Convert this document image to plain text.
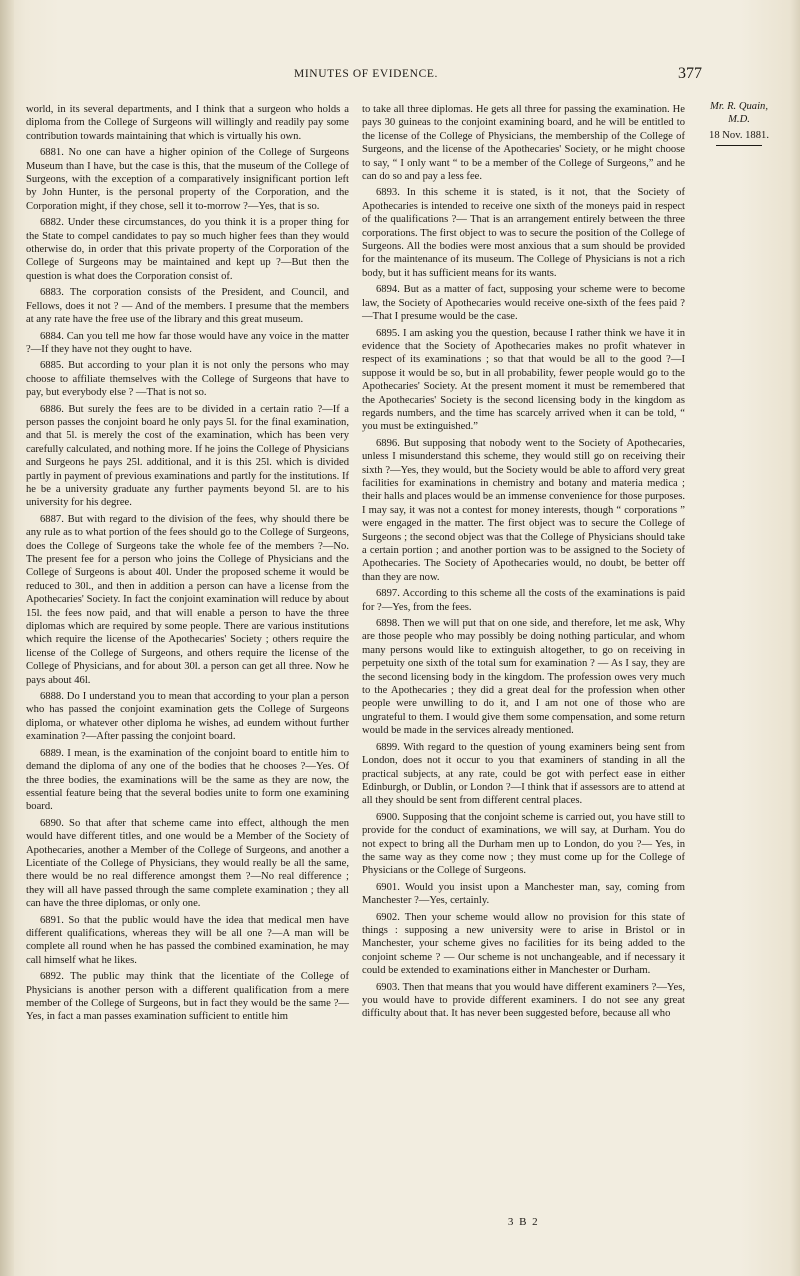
MINUTES OF EVIDENCE.	377

world, in its several departments, and I think that a surgeon who holds a diploma from the College of Surgeons will willingly and readily pay some contribution towards maintaining that which is virtually his own.

6881. No one can have a higher opinion of the College of Surgeons Museum than I have, but the case is this, that the museum of the College of Surgeons, with the exception of a comparatively insignificant portion left by John Hunter, is the personal property of the Corporation, and the Corporation might, if they chose, sell it to-morrow ?—Yes, that is so.

6882. Under these circumstances, do you think it is a proper thing for the State to compel candidates to pay so much higher fees than they would otherwise do, in order that this private property of the Corporation of the College of Surgeons may be maintained and kept up ?—But then the question is what does the Corporation consist of.

6883. The corporation consists of the President, and Council, and Fellows, does it not ? — And of the members. I presume that the members at any rate have the free use of the library and this great museum.

6884. Can you tell me how far those would have any voice in the matter ?—If they have not they ought to have.

6885. But according to your plan it is not only the persons who may choose to affiliate themselves with the College of Surgeons that have to pay, but everybody else ? —That is not so.

6886. But surely the fees are to be divided in a certain ratio ?—If a person passes the conjoint board he only pays 5l. for the final examination, and that 5l. is merely the cost of the examination, which has been very carefully calculated, and nothing more. If he joins the College of Physicians and Surgeons he pays 25l. additional, and it is this 25l. which is divided partly in payment of previous examinations and partly for the institutions. If he be a university graduate any further payments beyond 5l. are to his university for his degree.

6887. But with regard to the division of the fees, why should there be any rule as to what portion of the fees should go to the College of Surgeons, does the College of Surgeons take the whole fee of the members ?—No. The present fee for a person who joins the College of Physicians and the College of Surgeons is about 40l. Under the proposed scheme it would be reduced to 30l., and then in addition a person can have a license from the Apothecaries' Society. In fact the conjoint examination will reduce by about 15l. the fees now paid, and that will enable a person to have the three diplomas which are required by some people. There are various institutions which require the license of the Apothecaries' Society ; others require the license of the College of Surgeons, and others require the license of the College of Physicians, and for about 30l. a person can get all three. Now he pays about 46l.

6888. Do I understand you to mean that according to your plan a person who has passed the conjoint examination gets the College of Surgeons diploma, or whatever other diploma he wishes, ad eundem without further examination ?—After passing the conjoint board.

6889. I mean, is the examination of the conjoint board to entitle him to demand the diploma of any one of the bodies that he chooses ?—Yes. Of the three bodies, the examinations will be the same as they are now, the essential feature being that the several bodies unite to form one examining board.

6890. So that after that scheme came into effect, although the men would have different titles, and one would be a Member of the Society of Apothecaries, another a Member of the College of Surgeons, and another a Licentiate of the College of Physicians, they would really be all the same, there would be no real difference amongst them ?—No real difference ; they will all have passed through the same complete examination ; they all can have the three diplomas, or only one.

6891. So that the public would have the idea that medical men have different qualifications, whereas they will be all one ?—A man will be complete all round when he has passed the combined examination, he may call himself what he likes.

6892. The public may think that the licentiate of the College of Physicians is another person with a different qualification from a mere member of the College of Surgeons, but in fact they would be the same ?—Yes, in fact a man passes examination sufficient to entitle him

to take all three diplomas. He gets all three for passing the examination. He pays 30 guineas to the conjoint examining board, and he will be entitled to the license of the College of Physicians, the membership of the College of Surgeons, and the license of the Apothecaries' Society, or he might choose to say, “ I only want “ to be a member of the College of Surgeons,” and he can do so and pay a less fee.

6893. In this scheme it is stated, is it not, that the Society of Apothecaries is intended to receive one sixth of the moneys paid in respect of the qualifications ?— That is an arrangement entirely between the three corporations. The first object to was to secure the position of the College of Surgeons. All the bodies were most anxious that a sum should be provided for the maintenance of its museum. The College of Physicians is not a rich body, but it has sufficient means for its wants.

6894. But as a matter of fact, supposing your scheme were to become law, the Society of Apothecaries would receive one-sixth of the fees paid ?—That I presume would be the case.

6895. I am asking you the question, because I rather think we have it in evidence that the Society of Apothecaries makes no profit whatever in respect of its examinations ; so that that would be all to the good ?—I suppose it would be so, but in all probability, fewer people would go to the Apothecaries' Society. At the present moment it must be remembered that the Apothecaries' Society is the second licensing body in the kingdom as regards numbers, and the time has scarcely arrived when it can be told, “ you must be extinguished.”

6896. But supposing that nobody went to the Society of Apothecaries, unless I misunderstand this scheme, they would still go on receiving their sixth ?—Yes, they would, but the Society would be able to afford very great facilities for examinations in chemistry and botany and materia medica ; their halls and places would be an immense convenience for those purposes. I may say, it was not a contest for money interests, though “ corporations ” were engaged in the matter. The first object was to secure the College of Surgeons ; the second object was that the College of Physicians should take a certain portion ; and another portion was to be assigned to the Society of Apothecaries. The Society of Apothecaries would, no doubt, be better off than they are now.

6897. According to this scheme all the costs of the examinations is paid for ?—Yes, from the fees.

6898. Then we will put that on one side, and therefore, let me ask, Why are those people who may possibly be doing nothing particular, and whom many persons would like to extinguish altogether, to go on receiving in perpetuity one sixth of the total sum for examination ? — As I say, they are the second licensing body in the kingdom. The profession owes very much to the Apothecaries ; they did a great deal for the profession when other people were unwilling to do it, and I am not one of those who are ungrateful to them. I would give them some compensation, and some return would be made in the services already mentioned.

6899. With regard to the question of young examiners being sent from London, does not it occur to you that examiners of standing in all the practical subjects, at any rate, could be got with perfect ease in either Edinburgh, or Dublin, or London ?—I think that if assessors are to attend at all they should be sent from different central places.

6900. Supposing that the conjoint scheme is carried out, you have still to provide for the conduct of examinations, we will say, at Durham. You do not expect to bring all the Durham men up to London, do you ?— Yes, in the same way as they come now ; they must come up for the College of Physicians or the College of Surgeons.

6901. Would you insist upon a Manchester man, say, coming from Manchester ?—Yes, certainly.

6902. Then your scheme would allow no provision for this state of things : supposing a new university were to arise in Bristol or in Manchester, your scheme gives no facilities for its being added to the conjoint scheme ? — Our scheme is not unchangeable, and if necessary it could be extended to examinations either in Manchester or Durham.

6903. Then that means that you would have different examiners ?—Yes, you would have to provide different examiners. I do not see any great difficulty about that. It has never been suggested before, because all who

Mr. R. Quain, M.D.
18 Nov. 1881.
3 B 2
